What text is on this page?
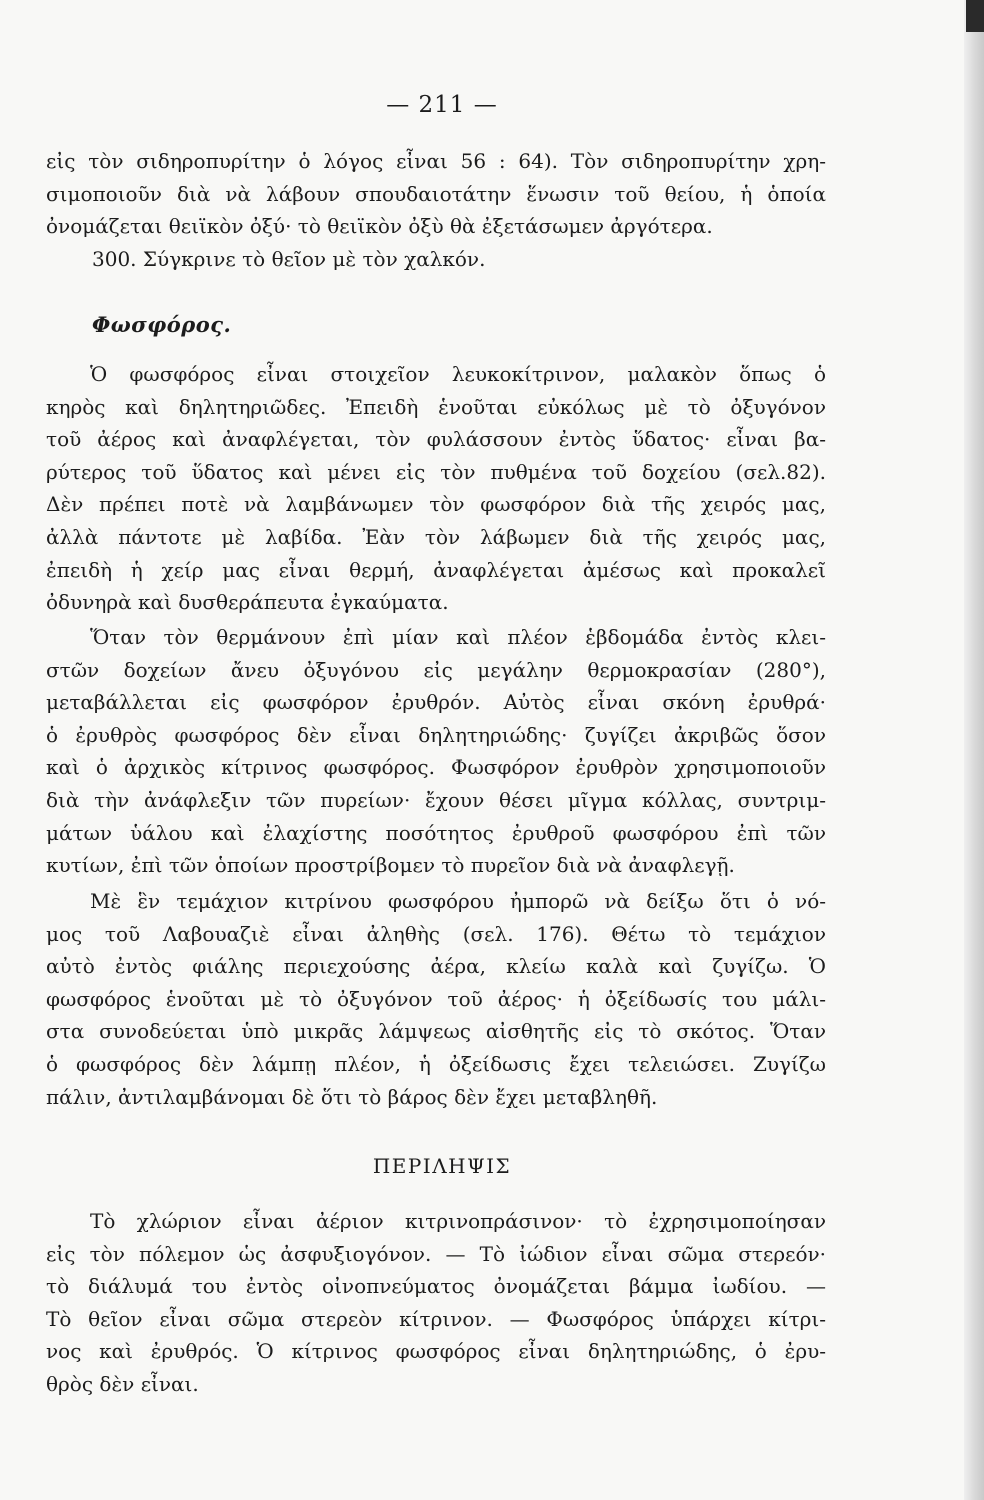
— 211 —
εἰς τὸν σιδηροπυρίτην ὁ λόγος εἶναι 56 : 64). Τὸν σιδηροπυρίτην χρη-
σιμοποιοῦν διὰ νὰ λάβουν σπουδαιοτάτην ἕνωσιν τοῦ θείου, ἡ ὁποία
ὀνομάζεται θειϊκὸν ὀξύ· τὸ θειϊκὸν ὀξὺ θὰ ἐξετάσωμεν ἀργότερα.
300. Σύγκρινε τὸ θεῖον μὲ τὸν χαλκόν.
Φωσφόρος.
Ὁ φωσφόρος εἶναι στοιχεῖον λευκοκίτρινον, μαλακὸν ὅπως ὁ
κηρὸς καὶ δηλητηριῶδες. Ἐπειδὴ ἑνοῦται εὐκόλως μὲ τὸ ὀξυγόνον
τοῦ ἀέρος καὶ ἀναφλέγεται, τὸν φυλάσσουν ἐντὸς ὕδατος· εἶναι βα-
ρύτερος τοῦ ὕδατος καὶ μένει εἰς τὸν πυθμένα τοῦ δοχείου (σελ.82).
Δὲν πρέπει ποτὲ νὰ λαμβάνωμεν τὸν φωσφόρον διὰ τῆς χειρός μας,
ἀλλὰ πάντοτε μὲ λαβίδα. Ἐὰν τὸν λάβωμεν διὰ τῆς χειρός μας,
ἐπειδὴ ἡ χείρ μας εἶναι θερμή, ἀναφλέγεται ἀμέσως καὶ προκαλεῖ
ὀδυνηρὰ καὶ δυσθεράπευτα ἐγκαύματα.
Ὅταν τὸν θερμάνουν ἐπὶ μίαν καὶ πλέον ἑβδομάδα ἐντὸς κλει-
στῶν δοχείων ἄνευ ὀξυγόνου εἰς μεγάλην θερμοκρασίαν (280°),
μεταβάλλεται εἰς φωσφόρον ἐρυθρόν. Αὐτὸς εἶναι σκόνη ἐρυθρά·
ὁ ἐρυθρὸς φωσφόρος δὲν εἶναι δηλητηριώδης· ζυγίζει ἀκριβῶς ὅσον
καὶ ὁ ἀρχικὸς κίτρινος φωσφόρος. Φωσφόρον ἐρυθρὸν χρησιμοποιοῦν
διὰ τὴν ἀνάφλεξιν τῶν πυρείων· ἔχουν θέσει μῖγμα κόλλας, συντριμ-
μάτων ὑάλου καὶ ἐλαχίστης ποσότητος ἐρυθροῦ φωσφόρου ἐπὶ τῶν
κυτίων, ἐπὶ τῶν ὁποίων προστρίβομεν τὸ πυρεῖον διὰ νὰ ἀναφλεγῇ.
Μὲ ἓν τεμάχιον κιτρίνου φωσφόρου ἠμπορῶ νὰ δείξω ὅτι ὁ νό-
μος τοῦ Λαβουαζιὲ εἶναι ἀληθὴς (σελ. 176). Θέτω τὸ τεμάχιον
αὐτὸ ἐντὸς φιάλης περιεχούσης ἀέρα, κλείω καλὰ καὶ ζυγίζω. Ὁ
φωσφόρος ἑνοῦται μὲ τὸ ὀξυγόνον τοῦ ἀέρος· ἡ ὀξείδωσίς του μάλι-
στα συνοδεύεται ὑπὸ μικρᾶς λάμψεως αἰσθητῆς εἰς τὸ σκότος. Ὅταν
ὁ φωσφόρος δὲν λάμπῃ πλέον, ἡ ὀξείδωσις ἔχει τελειώσει. Ζυγίζω
πάλιν, ἀντιλαμβάνομαι δὲ ὅτι τὸ βάρος δὲν ἔχει μεταβληθῆ.
ΠΕΡΙΛΗΨΙΣ
Τὸ χλώριον εἶναι ἀέριον κιτρινοπράσινον· τὸ ἐχρησιμοποίησαν
εἰς τὸν πόλεμον ὡς ἀσφυξιογόνον. — Τὸ ἰώδιον εἶναι σῶμα στερεόν·
τὸ διάλυμά του ἐντὸς οἰνοπνεύματος ὀνομάζεται βάμμα ἰωδίου. —
Τὸ θεῖον εἶναι σῶμα στερεὸν κίτρινον. — Φωσφόρος ὑπάρχει κίτρι-
νος καὶ ἐρυθρός. Ὁ κίτρινος φωσφόρος εἶναι δηλητηριώδης, ὁ ἐρυ-
θρὸς δὲν εἶναι.
